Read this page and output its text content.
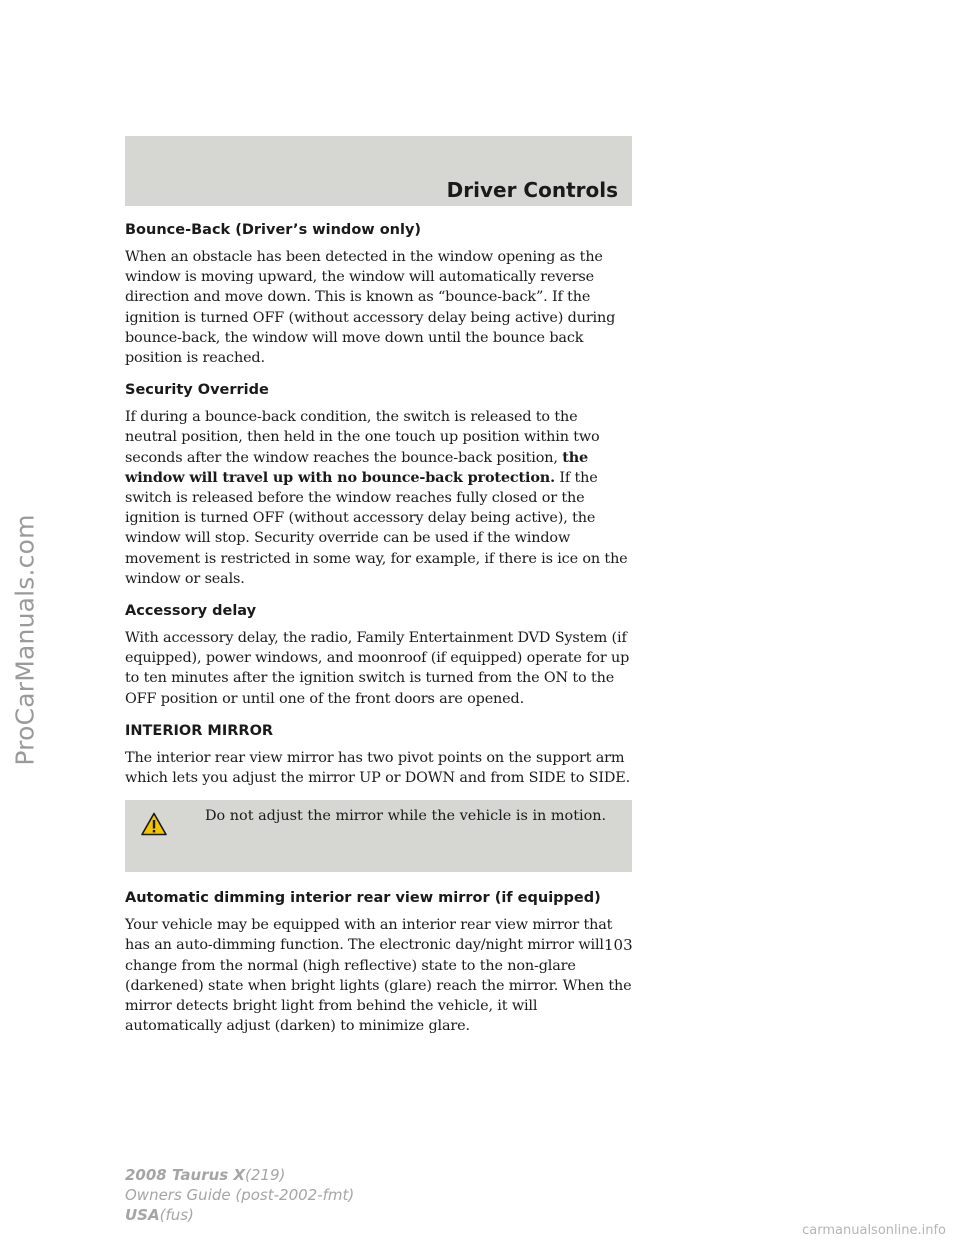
Driver Controls
Bounce-Back (Driver’s window only)

When an obstacle has been detected in the window opening as the window is moving upward, the window will automatically reverse direction and move down. This is known as “bounce-back”. If the ignition is turned OFF (without accessory delay being active) during bounce-back, the window will move down until the bounce back position is reached.

Security Override

If during a bounce-back condition, the switch is released to the neutral position, then held in the one touch up position within two seconds after the window reaches the bounce-back position, the window will travel up with no bounce-back protection. If the switch is released before the window reaches fully closed or the ignition is turned OFF (without accessory delay being active), the window will stop. Security override can be used if the window movement is restricted in some way, for example, if there is ice on the window or seals.

Accessory delay

With accessory delay, the radio, Family Entertainment DVD System (if equipped), power windows, and moonroof (if equipped) operate for up to ten minutes after the ignition switch is turned from the ON to the OFF position or until one of the front doors are opened.

INTERIOR MIRROR

The interior rear view mirror has two pivot points on the support arm which lets you adjust the mirror UP or DOWN and from SIDE to SIDE.

Do not adjust the mirror while the vehicle is in motion.
Automatic dimming interior rear view mirror (if equipped)

Your vehicle may be equipped with an interior rear view mirror that has an auto-dimming function. The electronic day/night mirror will change from the normal (high reflective) state to the non-glare (darkened) state when bright lights (glare) reach the mirror. When the mirror detects bright light from behind the vehicle, it will automatically adjust (darken) to minimize glare.

103
2008 Taurus X(219)
Owners Guide (post-2002-fmt)
USA(fus)
ProCarManuals.com
carmanualsonline.info
